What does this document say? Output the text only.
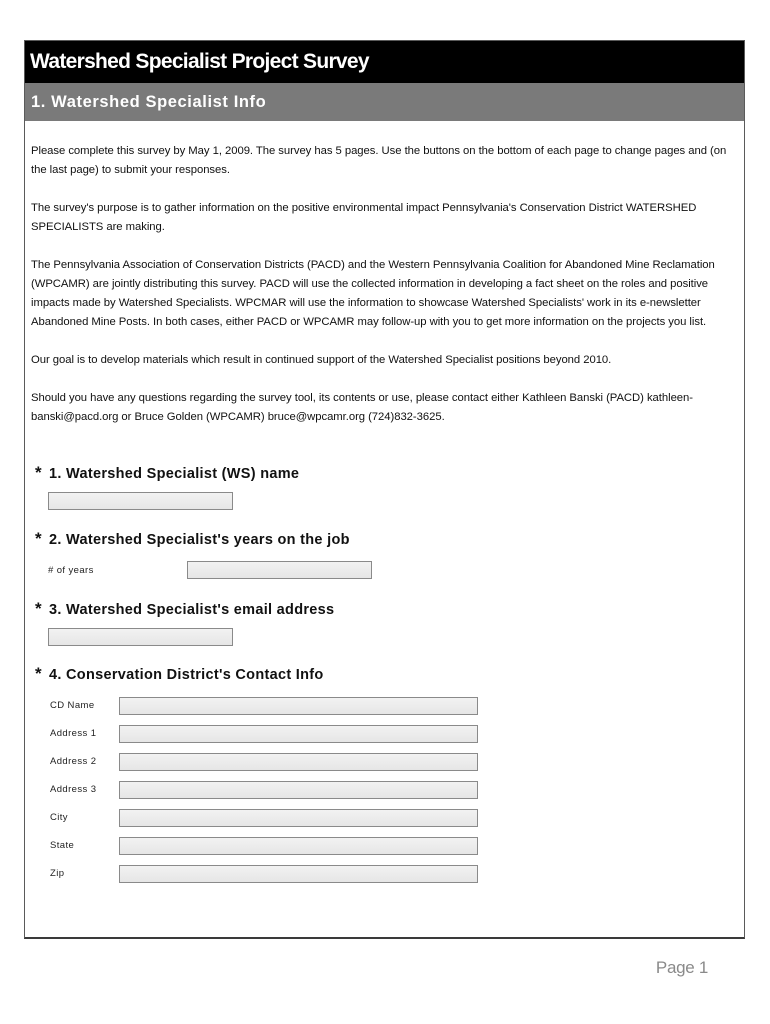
Watershed Specialist Project Survey
1. Watershed Specialist Info

Please complete this survey by May 1, 2009. The survey has 5 pages. Use the buttons on the bottom of each page to change pages and (on the last page) to submit your responses.

The survey's purpose is to gather information on the positive environmental impact Pennsylvania's Conservation District WATERSHED SPECIALISTS are making.

The Pennsylvania Association of Conservation Districts (PACD) and the Western Pennsylvania Coalition for Abandoned Mine Reclamation (WPCAMR) are jointly distributing this survey. PACD will use the collected information in developing a fact sheet on the roles and positive impacts made by Watershed Specialists. WPCMAR will use the information to showcase Watershed Specialists' work in its e-newsletter Abandoned Mine Posts. In both cases, either PACD or WPCAMR may follow-up with you to get more information on the projects you list.

Our goal is to develop materials which result in continued support of the Watershed Specialist positions beyond 2010.

Should you have any questions regarding the survey tool, its contents or use, please contact either Kathleen Banski (PACD) kathleen-banski@pacd.org or Bruce Golden (WPCAMR) bruce@wpcamr.org (724)832-3625.

* 1. Watershed Specialist (WS) name
* 2. Watershed Specialist's years on the job
# of years
* 3. Watershed Specialist's email address
* 4. Conservation District's Contact Info
CD Name
Address 1
Address 2
Address 3
City
State
Zip
Page 1
